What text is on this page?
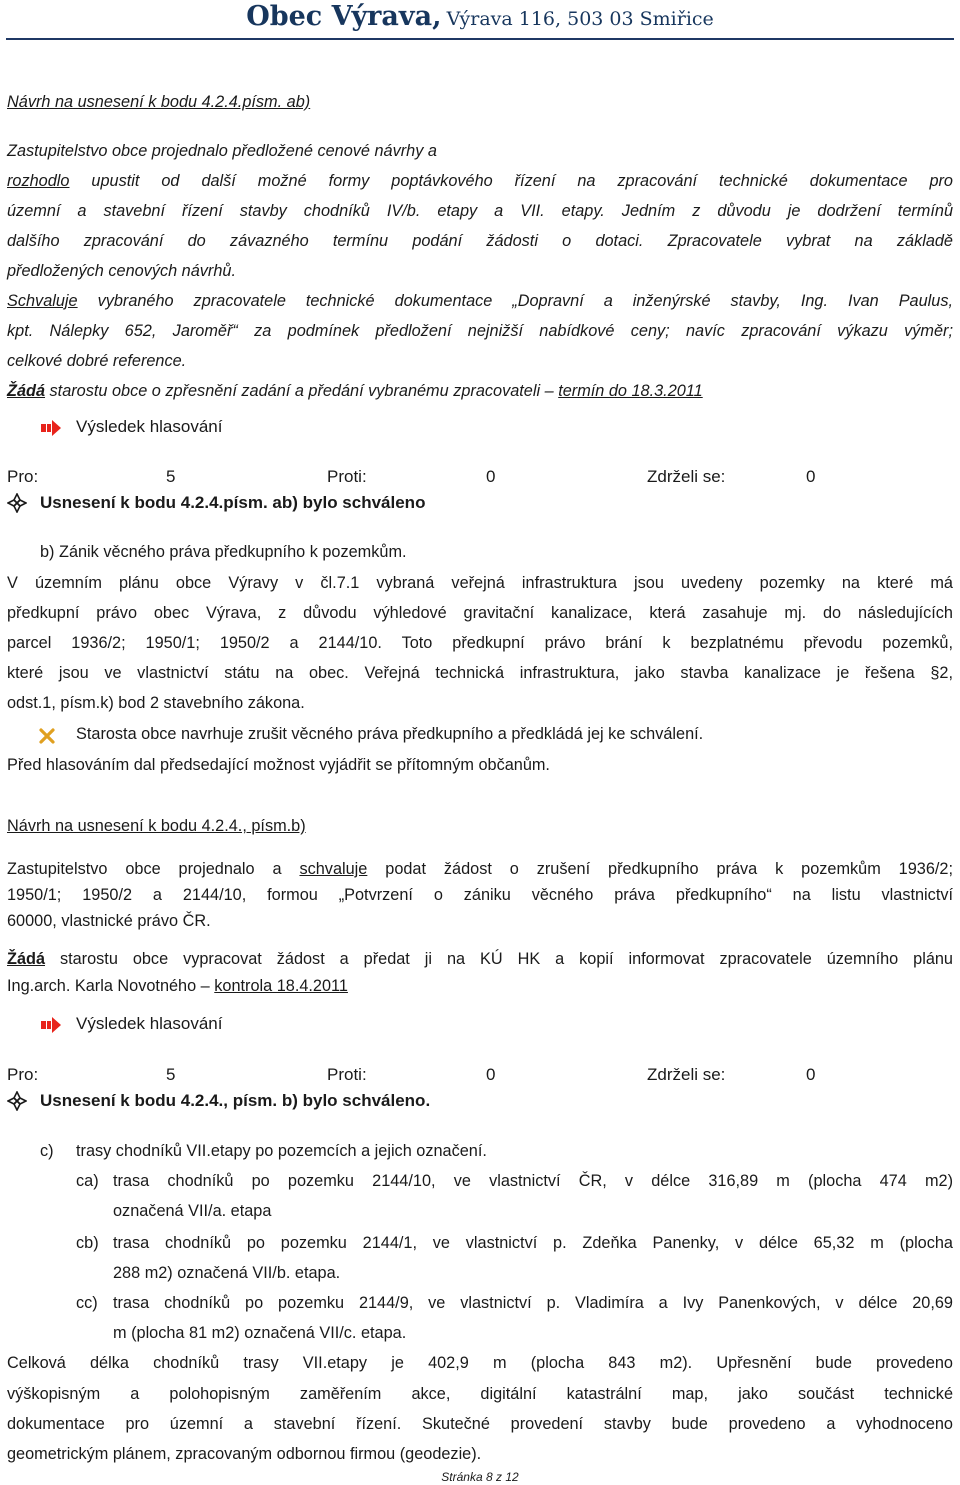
Obec Výrava, Výrava 116, 503 03 Smiřice
Návrh na usnesení k bodu 4.2.4.písm. ab)
Zastupitelstvo obce projednalo předložené cenové návrhy a
rozhodlo upustit od další možné formy poptávkového řízení na zpracování technické dokumentace pro
územní a stavební řízení stavby chodníků IV/b. etapy a VII. etapy. Jedním z důvodu je dodržení termínů
dalšího zpracování do závazného termínu podání žádosti o dotaci. Zpracovatele vybrat na základě
předložených cenových návrhů.
Schvaluje vybraného zpracovatele technické dokumentace „Dopravní a inženýrské stavby, Ing. Ivan Paulus,
kpt. Nálepky 652, Jaroměř“ za podmínek předložení nejnižší nabídkové ceny; navíc zpracování výkazu výměr;
celkové dobré reference.
Žádá starostu obce o zpřesnění zadání a předání vybranému zpracovateli – termín do 18.3.2011
Výsledek hlasování
Pro:	5	Proti:	0	Zdrželi se:	0
Usnesení k bodu 4.2.4.písm. ab) bylo schváleno
b) Zánik věcného práva předkupního k pozemkům.
V územním plánu obce Výravy v čl.7.1 vybraná veřejná infrastruktura jsou uvedeny pozemky na které má
předkupní právo obec Výrava, z důvodu výhledové gravitační kanalizace, která zasahuje mj. do následujících
parcel 1936/2; 1950/1; 1950/2 a 2144/10. Toto předkupní právo brání k bezplatnému převodu pozemků,
které jsou ve vlastnictví státu na obec. Veřejná technická infrastruktura, jako stavba kanalizace je řešena §2,
odst.1, písm.k) bod 2 stavebního zákona.
Starosta obce navrhuje zrušit věcného práva předkupního a předkládá jej ke schválení.
Před hlasováním dal předsedající možnost vyjádřit se přítomným občanům.
Návrh na usnesení k bodu 4.2.4., písm.b)
Zastupitelstvo obce projednalo a schvaluje podat žádost o zrušení předkupního práva k pozemkům 1936/2;
1950/1; 1950/2 a 2144/10, formou „Potvrzení o zániku věcného práva předkupního“ na listu vlastnictví
60000, vlastnické právo ČR.
Žádá starostu obce vypracovat žádost a předat ji na KÚ HK a kopií informovat zpracovatele územního plánu
Ing.arch. Karla Novotného – kontrola 18.4.2011
Výsledek hlasování
Pro:	5	Proti:	0	Zdrželi se:	0
Usnesení k bodu 4.2.4., písm. b) bylo schváleno.
c) trasy chodníků VII.etapy po pozemcích a jejich označení.
ca) trasa chodníků po pozemku 2144/10, ve vlastnictví ČR, v délce 316,89 m (plocha 474 m2)
označená VII/a. etapa
cb) trasa chodníků po pozemku 2144/1, ve vlastnictví p. Zdeňka Panenky, v délce 65,32 m (plocha
288 m2) označená VII/b. etapa.
cc) trasa chodníků po pozemku 2144/9, ve vlastnictví p. Vladimíra a Ivy Panenkových, v délce 20,69
m (plocha 81 m2) označená VII/c. etapa.
Celková délka chodníků trasy VII.etapy je 402,9 m (plocha 843 m2). Upřesnění bude provedeno
výškopisným a polohopisným zaměřením akce, digitální katastrální map, jako součást technické
dokumentace pro územní a stavební řízení. Skutečné provedení stavby bude provedeno a vyhodnoceno
geometrickým plánem, zpracovaným odbornou firmou (geodezie).
Stránka 8 z 12
